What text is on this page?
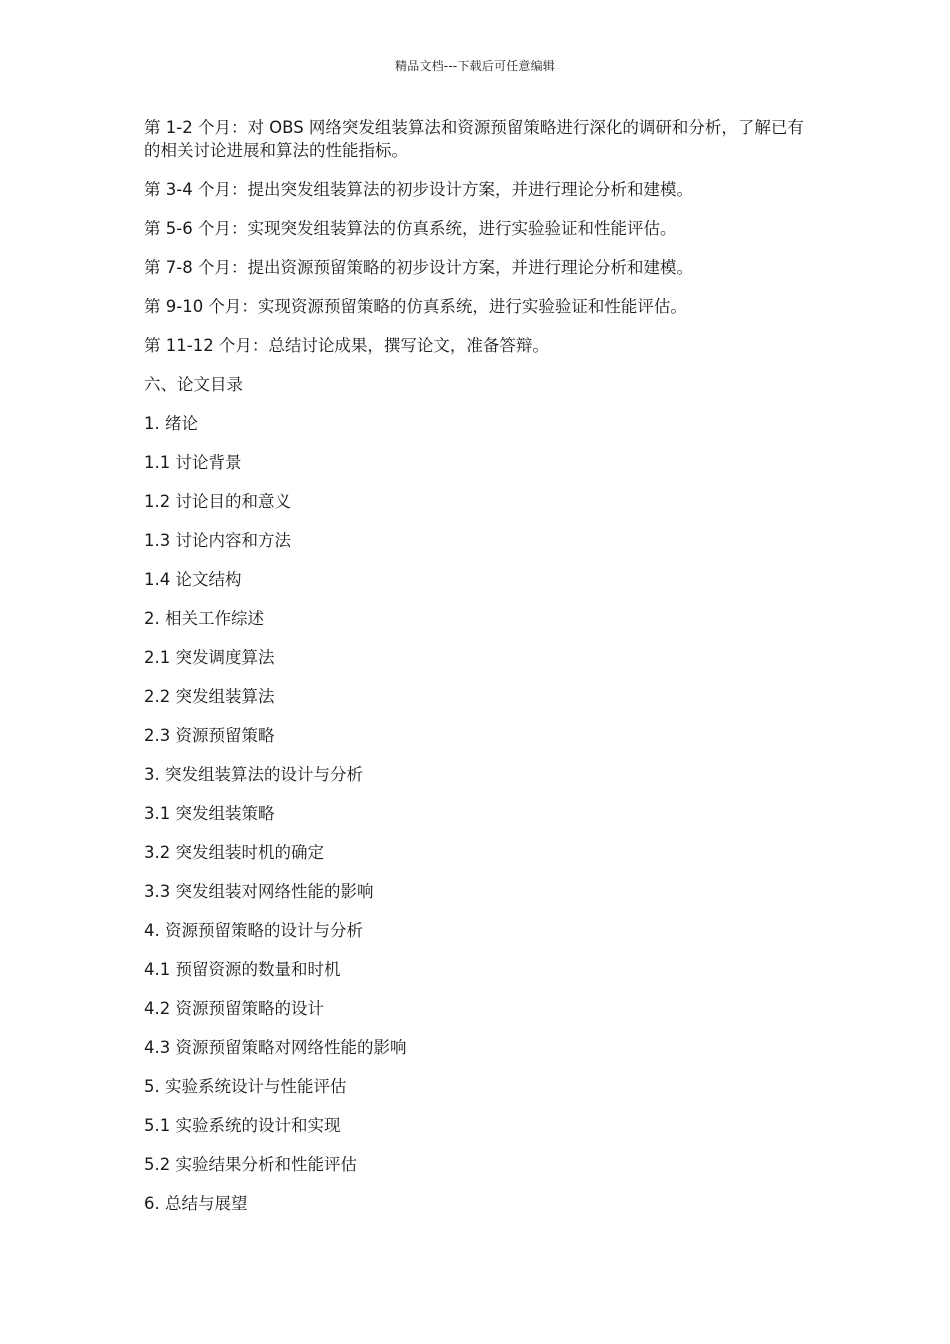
精品文档---下载后可任意编辑
第 1-2 个月：对 OBS 网络突发组装算法和资源预留策略进行深化的调研和分析，了解已有的相关讨论进展和算法的性能指标。
第 3-4 个月：提出突发组装算法的初步设计方案，并进行理论分析和建模。
第 5-6 个月：实现突发组装算法的仿真系统，进行实验验证和性能评估。
第 7-8 个月：提出资源预留策略的初步设计方案，并进行理论分析和建模。
第 9-10 个月：实现资源预留策略的仿真系统，进行实验验证和性能评估。
第 11-12 个月：总结讨论成果，撰写论文，准备答辩。
六、论文目录
1. 绪论
1.1 讨论背景
1.2 讨论目的和意义
1.3 讨论内容和方法
1.4 论文结构
2. 相关工作综述
2.1 突发调度算法
2.2 突发组装算法
2.3 资源预留策略
3. 突发组装算法的设计与分析
3.1 突发组装策略
3.2 突发组装时机的确定
3.3 突发组装对网络性能的影响
4. 资源预留策略的设计与分析
4.1 预留资源的数量和时机
4.2 资源预留策略的设计
4.3 资源预留策略对网络性能的影响
5. 实验系统设计与性能评估
5.1 实验系统的设计和实现
5.2 实验结果分析和性能评估
6. 总结与展望
